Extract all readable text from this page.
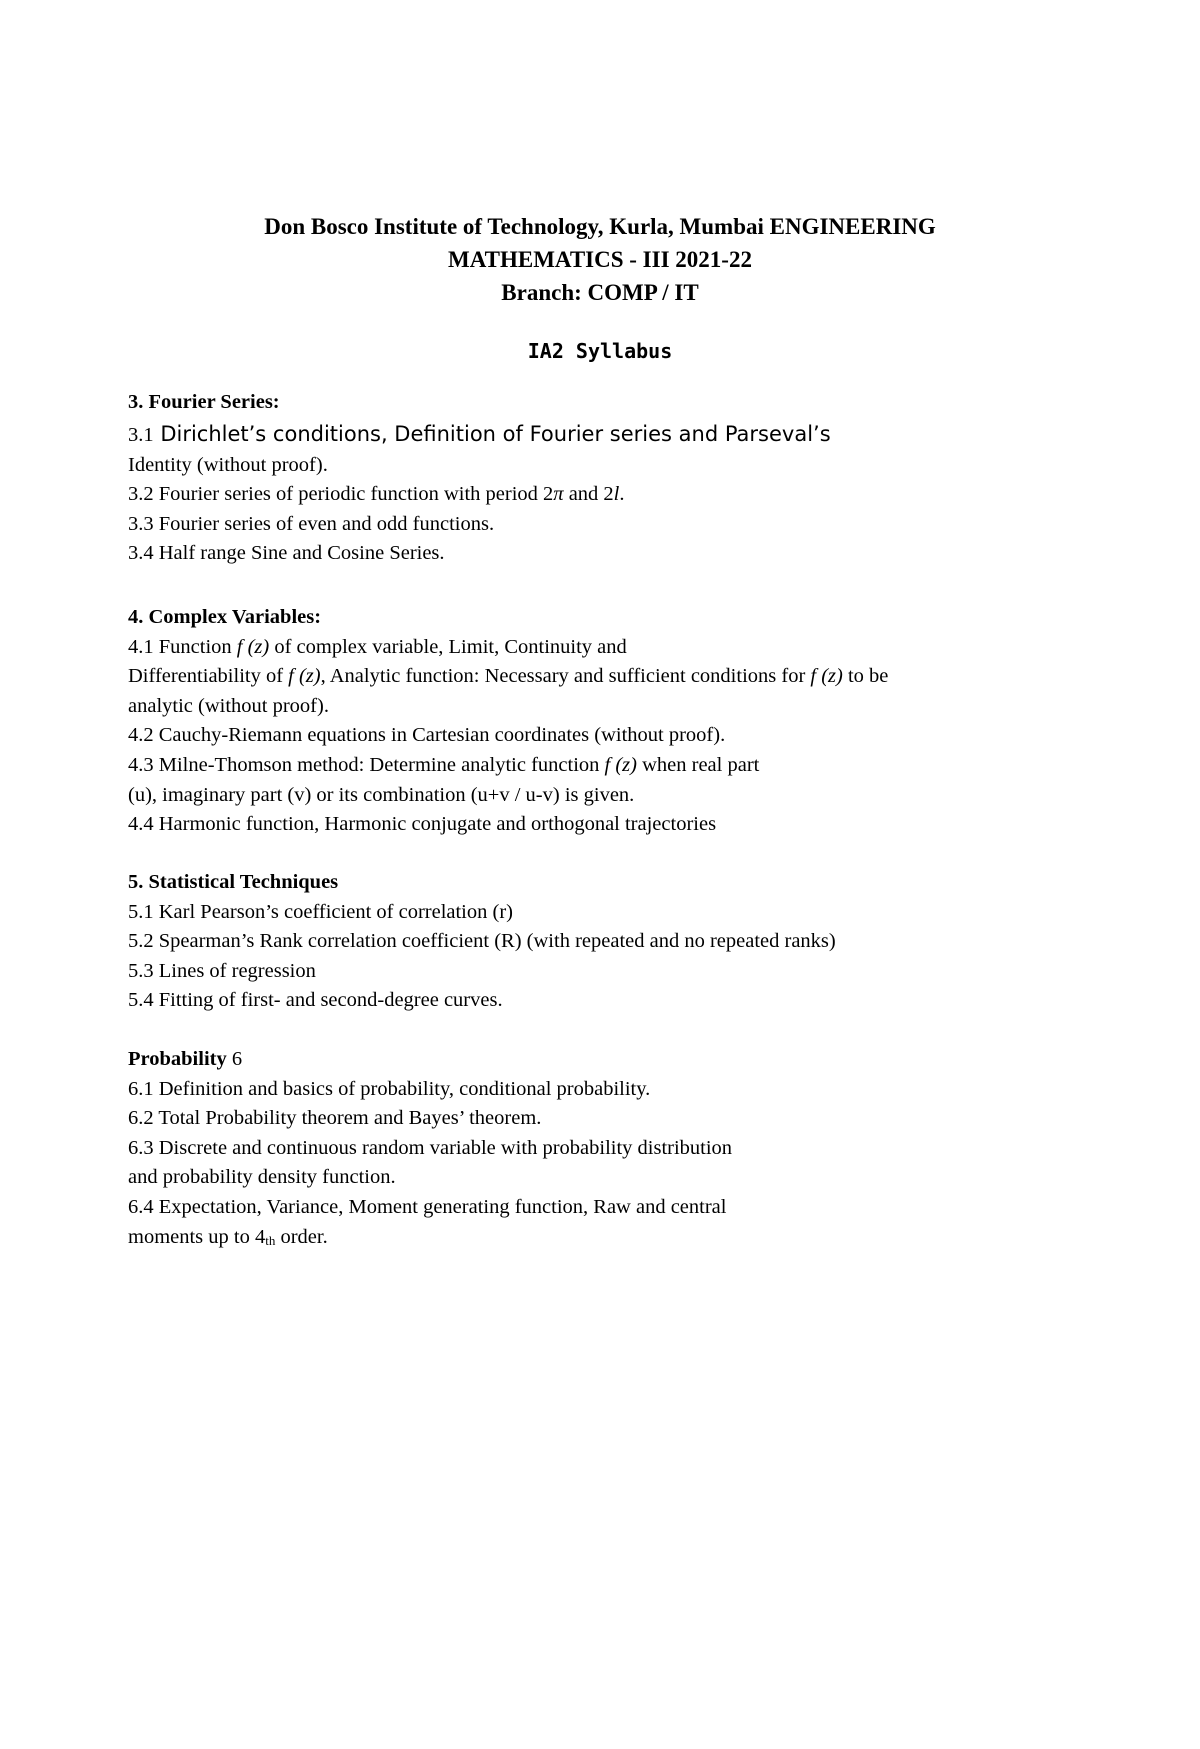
Don Bosco Institute of Technology, Kurla, Mumbai ENGINEERING
MATHEMATICS - III 2021-22
Branch: COMP / IT
IA2 Syllabus
3. Fourier Series:
3.1 Dirichlet’s conditions, Definition of Fourier series and Parseval’s
Identity (without proof).
3.2 Fourier series of periodic function with period 2π and 2l.
3.3 Fourier series of even and odd functions.
3.4 Half range Sine and Cosine Series.
4. Complex Variables:
4.1 Function f (z) of complex variable, Limit, Continuity and
Differentiability of f (z), Analytic function: Necessary and sufficient conditions for f (z) to be
analytic (without proof).
4.2 Cauchy-Riemann equations in Cartesian coordinates (without proof).
4.3 Milne-Thomson method: Determine analytic function f (z) when real part
(u), imaginary part (v) or its combination (u+v / u-v) is given.
4.4 Harmonic function, Harmonic conjugate and orthogonal trajectories
5. Statistical Techniques
5.1 Karl Pearson’s coefficient of correlation (r)
5.2 Spearman’s Rank correlation coefficient (R) (with repeated and no repeated ranks)
5.3 Lines of regression
5.4 Fitting of first- and second-degree curves.
Probability 6
6.1 Definition and basics of probability, conditional probability.
6.2 Total Probability theorem and Bayes’ theorem.
6.3 Discrete and continuous random variable with probability distribution
and probability density function.
6.4 Expectation, Variance, Moment generating function, Raw and central
moments up to 4th order.
